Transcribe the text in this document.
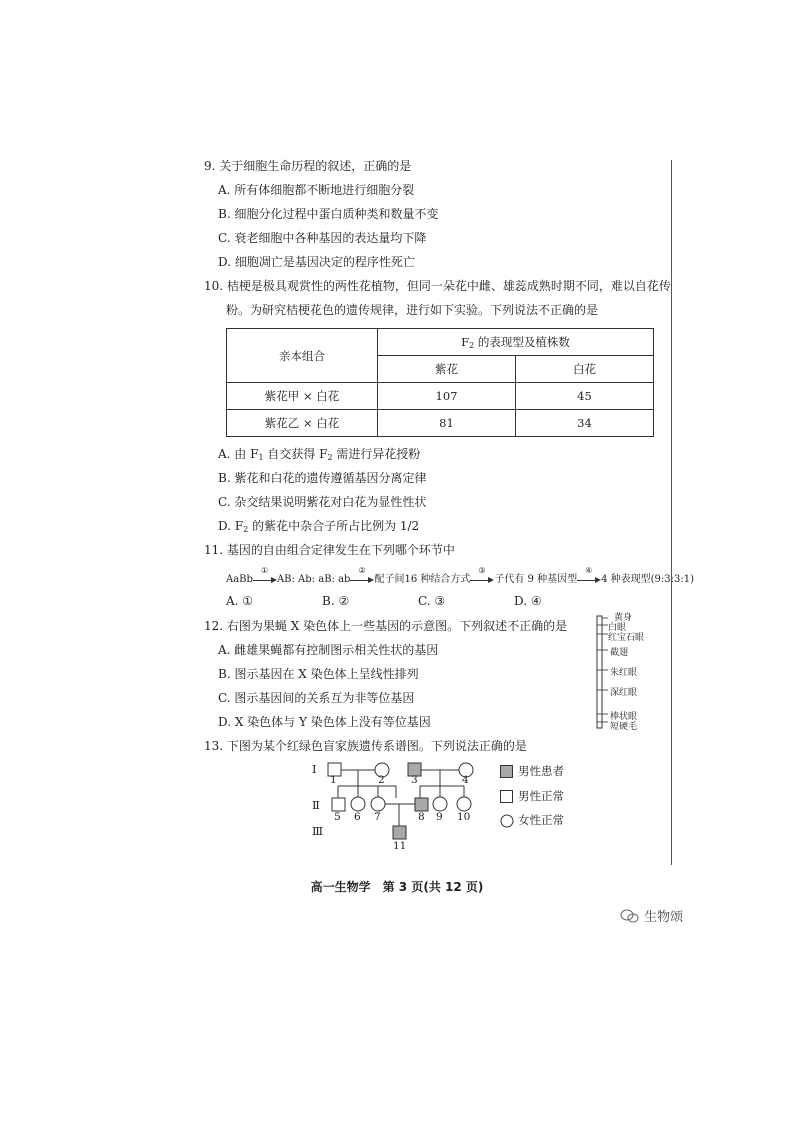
9. 关于细胞生命历程的叙述，正确的是
A. 所有体细胞都不断地进行细胞分裂
B. 细胞分化过程中蛋白质种类和数量不变
C. 衰老细胞中各种基因的表达量均下降
D. 细胞凋亡是基因决定的程序性死亡
10. 桔梗是极具观赏性的两性花植物，但同一朵花中雌、雄蕊成熟时期不同，难以自花传
粉。为研究桔梗花色的遗传规律，进行如下实验。下列说法不正确的是
亲本组合	$F_2$ 的表现型及植株数	
	紫花	白花
紫花甲 × 白花	107	45
紫花乙 × 白花	81	34
A. 由 $F_1$ 自交获得 $F_2$ 需进行异花授粉
B. 紫花和白花的遗传遵循基因分离定律
C. 杂交结果说明紫花对白花为显性性状
D. $F_2$ 的紫花中杂合子所占比例为 1/2
11. 基因的自由组合定律发生在下列哪个环节中
AaBb
①
AB: Ab: aB: ab
②
配子间16 种结合方式
③
子代有 9 种基因型
④
4 种表现型(9:3:3:1)
A. ①	B. ②	C. ③	D. ④
12. 右图为果蝇 X 染色体上一些基因的示意图。下列叙述不正确的是
A. 雌雄果蝇都有控制图示相关性状的基因
B. 图示基因在 X 染色体上呈线性排列
C. 图示基因间的关系互为非等位基因
D. X 染色体与 Y 染色体上没有等位基因
黄身
白眼
红宝石眼
截翅
朱红眼
深红眼
棒状眼
短硬毛
13. 下图为某个红绿色盲家族遗传系谱图。下列说法正确的是
Ⅰ
Ⅱ
Ⅲ
1	2	3	4
5 6 7	8 9 10
11
男性患者
男性正常
女性正常
高一生物学　第 3 页(共 12 页)
生物颂
